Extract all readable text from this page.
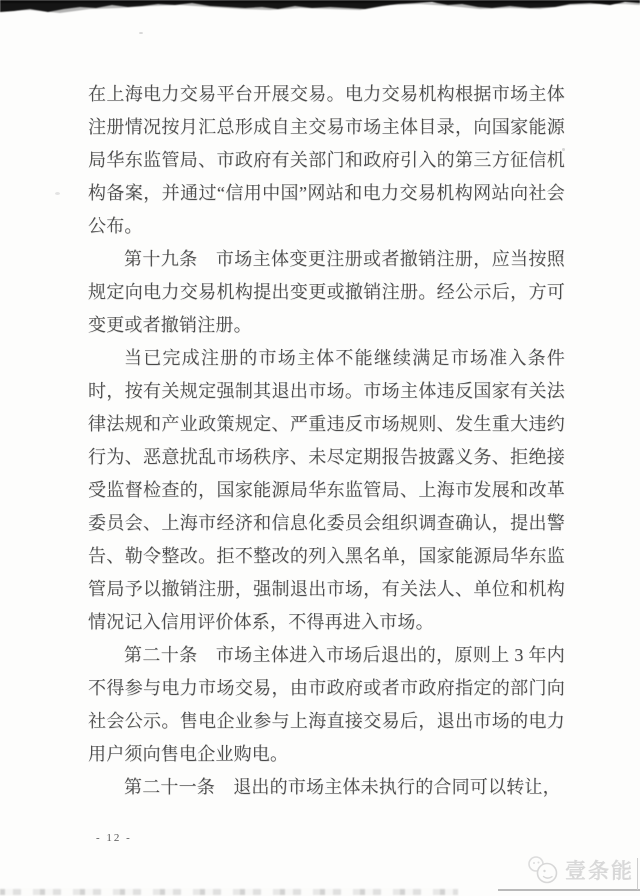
在上海电力交易平台开展交易。电力交易机构根据市场主体注册情况按月汇总形成自主交易市场主体目录，向国家能源局华东监管局、市政府有关部门和政府引入的第三方征信机构备案，并通过“信用中国”网站和电力交易机构网站向社会公布。

第十九条　市场主体变更注册或者撤销注册，应当按照规定向电力交易机构提出变更或撤销注册。经公示后，方可变更或者撤销注册。

当已完成注册的市场主体不能继续满足市场准入条件时，按有关规定强制其退出市场。市场主体违反国家有关法律法规和产业政策规定、严重违反市场规则、发生重大违约行为、恶意扰乱市场秩序、未尽定期报告披露义务、拒绝接受监督检查的，国家能源局华东监管局、上海市发展和改革委员会、上海市经济和信息化委员会组织调查确认，提出警告、勒令整改。拒不整改的列入黑名单，国家能源局华东监管局予以撤销注册，强制退出市场，有关法人、单位和机构情况记入信用评价体系，不得再进入市场。

第二十条　市场主体进入市场后退出的，原则上 3 年内不得参与电力市场交易，由市政府或者市政府指定的部门向社会公示。售电企业参与上海直接交易后，退出市场的电力用户须向售电企业购电。

第二十一条　退出的市场主体未执行的合同可以转让，

- 12 -
壹条能
